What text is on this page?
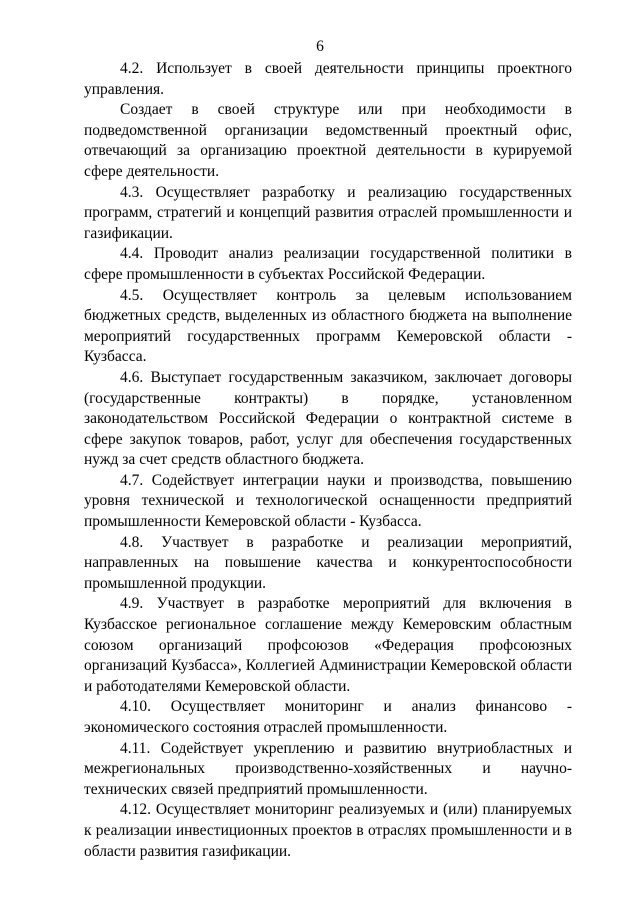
6

4.2. Использует в своей деятельности принципы проектного управления.

Создает в своей структуре или при необходимости в подведомственной организации ведомственный проектный офис, отвечающий за организацию проектной деятельности в курируемой сфере деятельности.

4.3. Осуществляет разработку и реализацию государственных программ, стратегий и концепций развития отраслей промышленности и газификации.

4.4. Проводит анализ реализации государственной политики в сфере промышленности в субъектах Российской Федерации.

4.5. Осуществляет контроль за целевым использованием бюджетных средств, выделенных из областного бюджета на выполнение мероприятий государственных программ Кемеровской области - Кузбасса.

4.6. Выступает государственным заказчиком, заключает договоры (государственные контракты) в порядке, установленном законодательством Российской Федерации о контрактной системе в сфере закупок товаров, работ, услуг для обеспечения государственных нужд за счет средств областного бюджета.

4.7. Содействует интеграции науки и производства, повышению уровня технической и технологической оснащенности предприятий промышленности Кемеровской области - Кузбасса.

4.8. Участвует в разработке и реализации мероприятий, направленных на повышение качества и конкурентоспособности промышленной продукции.

4.9. Участвует в разработке мероприятий для включения в Кузбасское региональное соглашение между Кемеровским областным союзом организаций профсоюзов «Федерация профсоюзных организаций Кузбасса», Коллегией Администрации Кемеровской области и работодателями Кемеровской области.

4.10. Осуществляет мониторинг и анализ финансово - экономического состояния отраслей промышленности.

4.11. Содействует укреплению и развитию внутриобластных и межрегиональных производственно-хозяйственных и научно-технических связей предприятий промышленности.

4.12. Осуществляет мониторинг реализуемых и (или) планируемых к реализации инвестиционных проектов в отраслях промышленности и в области развития газификации.
